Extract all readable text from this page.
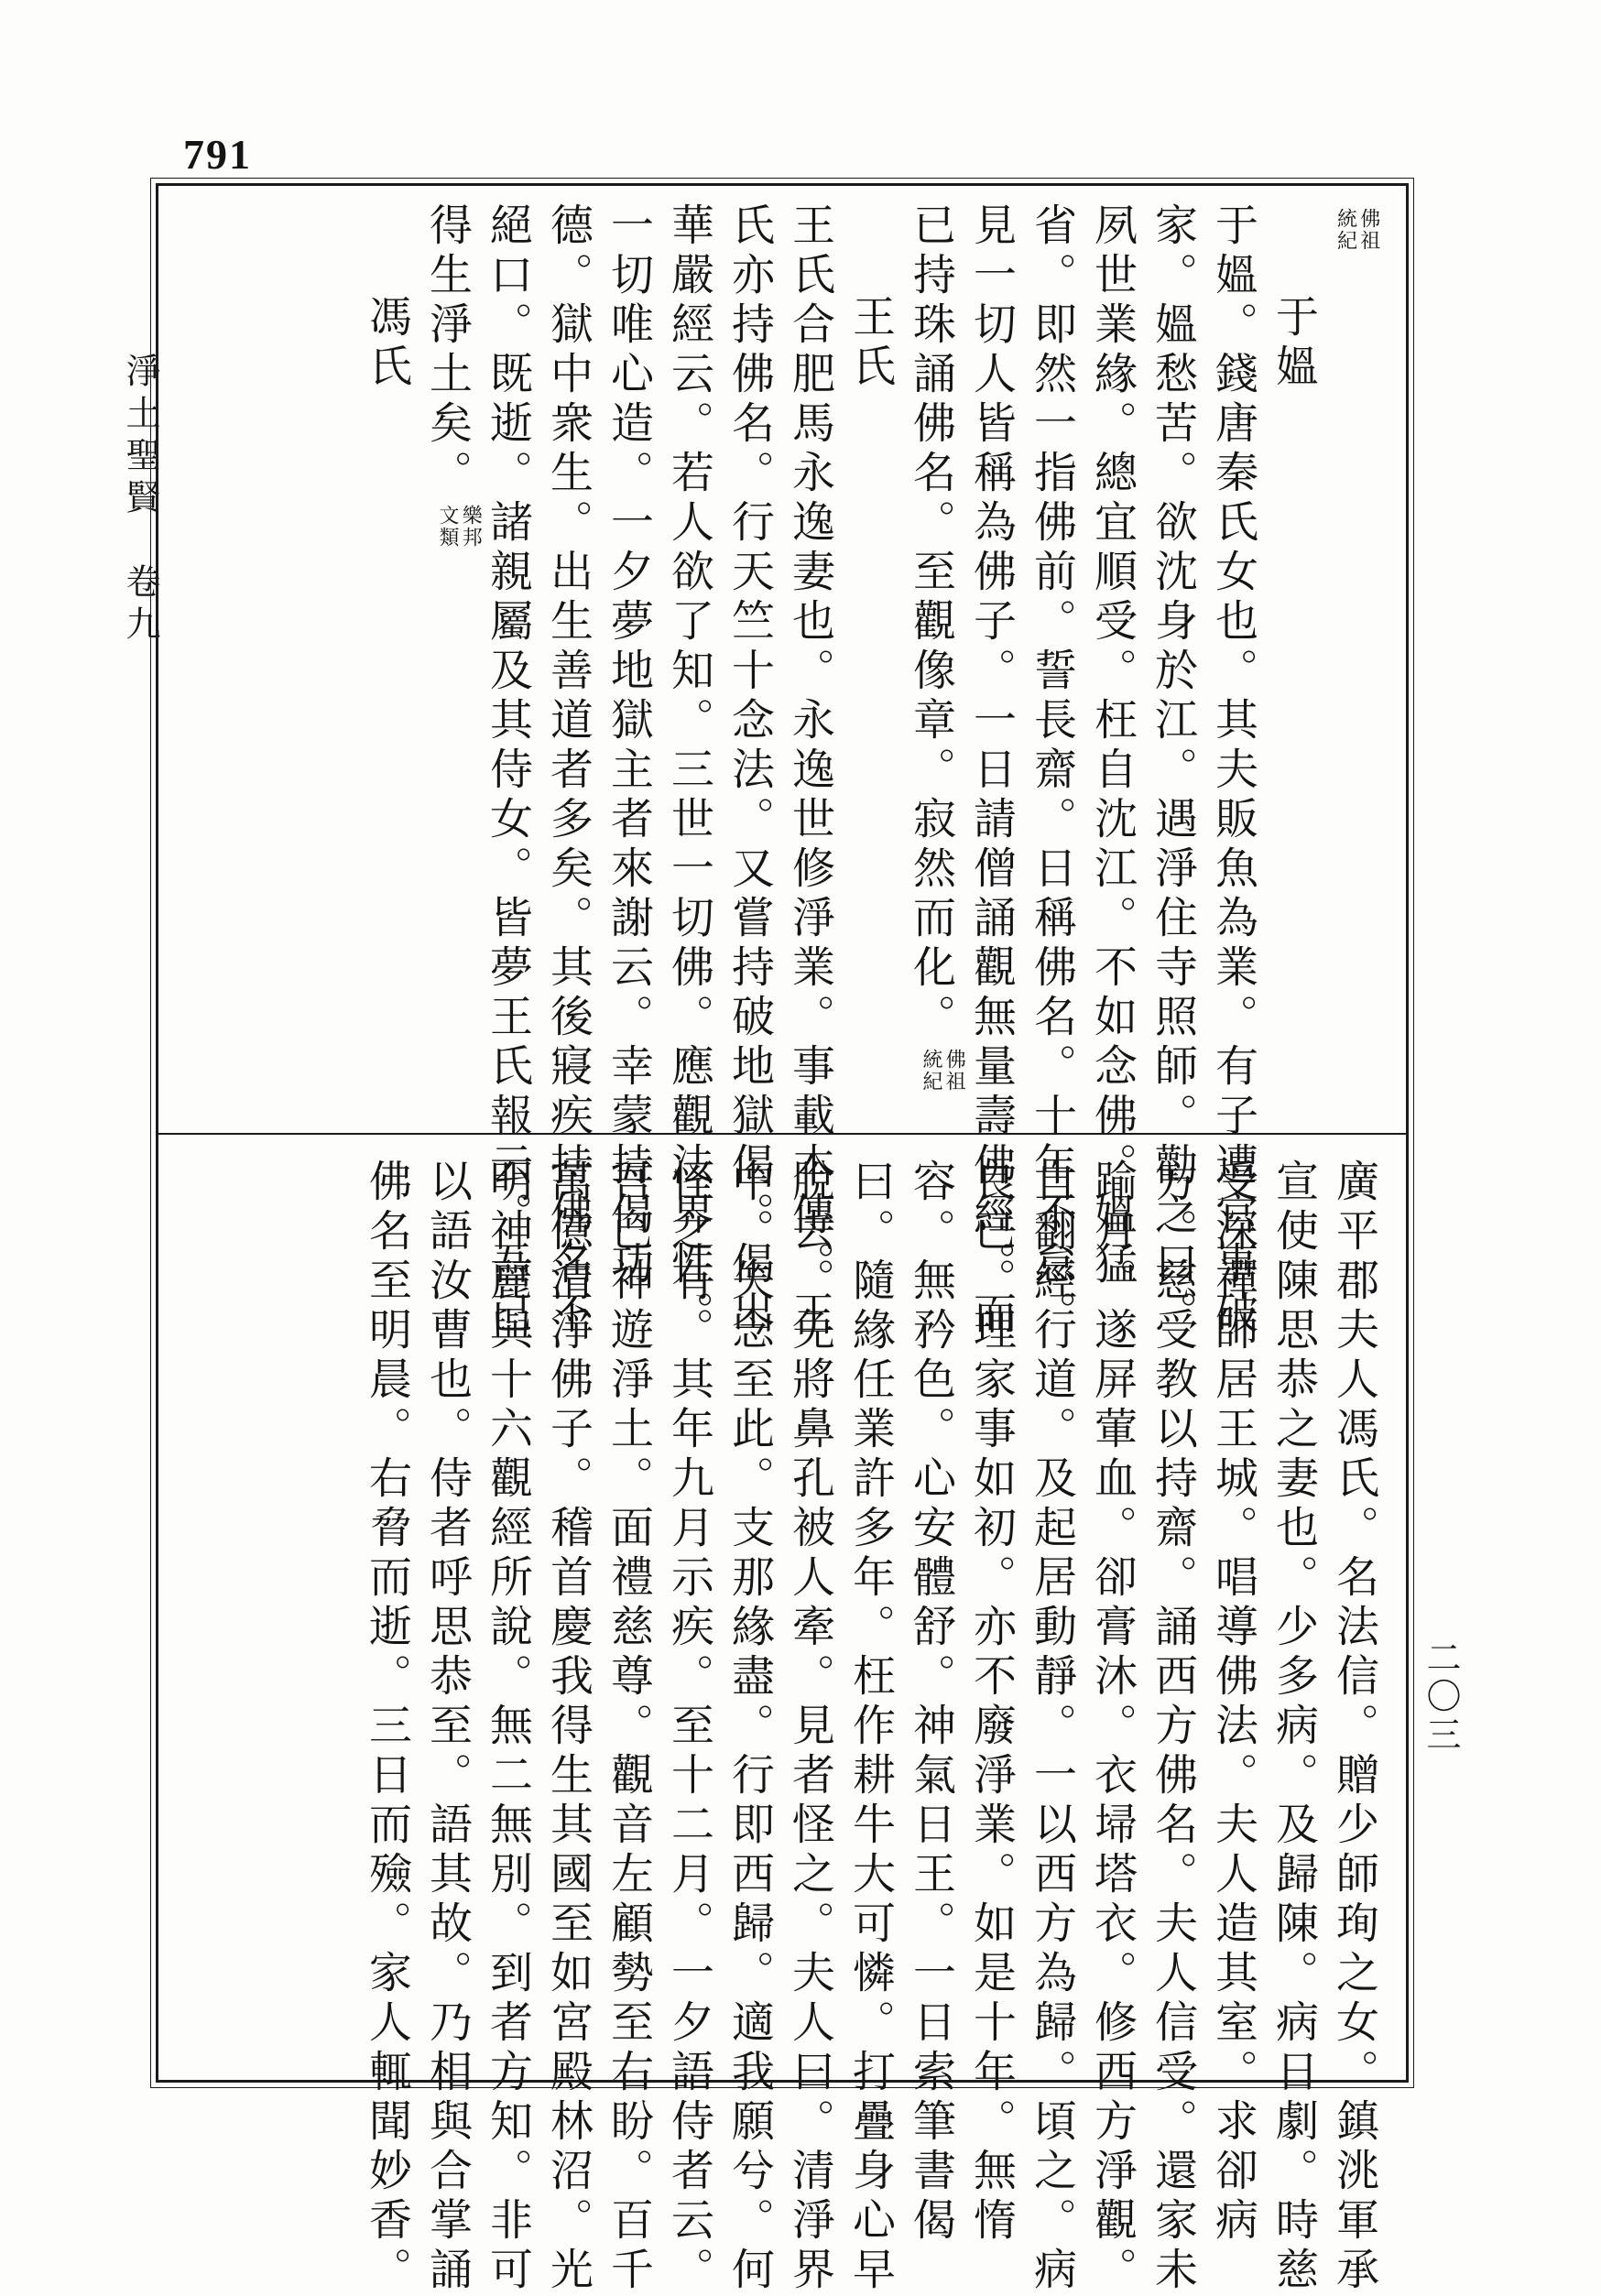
791
淨土聖賢　卷九
二〇三
佛祖
統紀
于媼
于媼。錢唐秦氏女也。其夫販魚為業。有子遭官事破
家。媼愁苦。欲沈身於江。遇淨住寺照師。勸之曰。
夙世業緣。總宜順受。枉自沈江。不如念佛。媼猛
省。即然一指佛前。誓長齋。日稱佛名。十年不怠。
見一切人皆稱為佛子。一日請僧誦觀無量壽佛經。而
已持珠誦佛名。至觀像章。寂然而化。佛祖
統紀
王氏
王氏合肥馬永逸妻也。永逸世修淨業。事載本傳。王
氏亦持佛名。行天竺十念法。又嘗持破地獄偈。偈出
華嚴經云。若人欲了知。三世一切佛。應觀法界性。
一切唯心造。一夕夢地獄主者來謝云。幸蒙持偈功
德。獄中衆生。出生善道者多矣。其後寢疾持佛名不
絕口。既逝。諸親屬及其侍女。皆夢王氏報云。吾已
得生淨土矣。樂邦
文類
馮氏
廣平郡夫人馮氏。名法信。贈少師珣之女。鎮洮軍承
宣使陳思恭之妻也。少多病。及歸陳。病日劇。時慈
受深禪師居王城。唱導佛法。夫人造其室。求卻病
方。慈受教以持齋。誦西方佛名。夫人信受。還家未
踰月。遂屏葷血。卻膏沐。衣埽塔衣。修西方淨觀。
自翻經行道。及起居動靜。一以西方為歸。頃之。病
良已。理家事如初。亦不廢淨業。如是十年。無惰
容。無矜色。心安體舒。神氣日王。一日索筆書偈
曰。隨緣任業許多年。枉作耕牛大可憐。打疊身心早
脫去。免將鼻孔被人牽。見者怪之。夫人曰。清淨界
中。失念至此。支那緣盡。行即西歸。適我願兮。何
怪之有。其年九月示疾。至十二月。一夕語侍者云。
吾已神遊淨土。面禮慈尊。觀音左顧勢至右盼。百千
萬億清淨佛子。稽首慶我得生其國至如宮殿林沼。光
明神麗與十六觀經所說。無二無別。到者方知。非可
以語汝曹也。侍者呼思恭至。語其故。乃相與合掌誦
佛名至明晨。右脅而逝。三日而殮。家人輒聞妙香。
